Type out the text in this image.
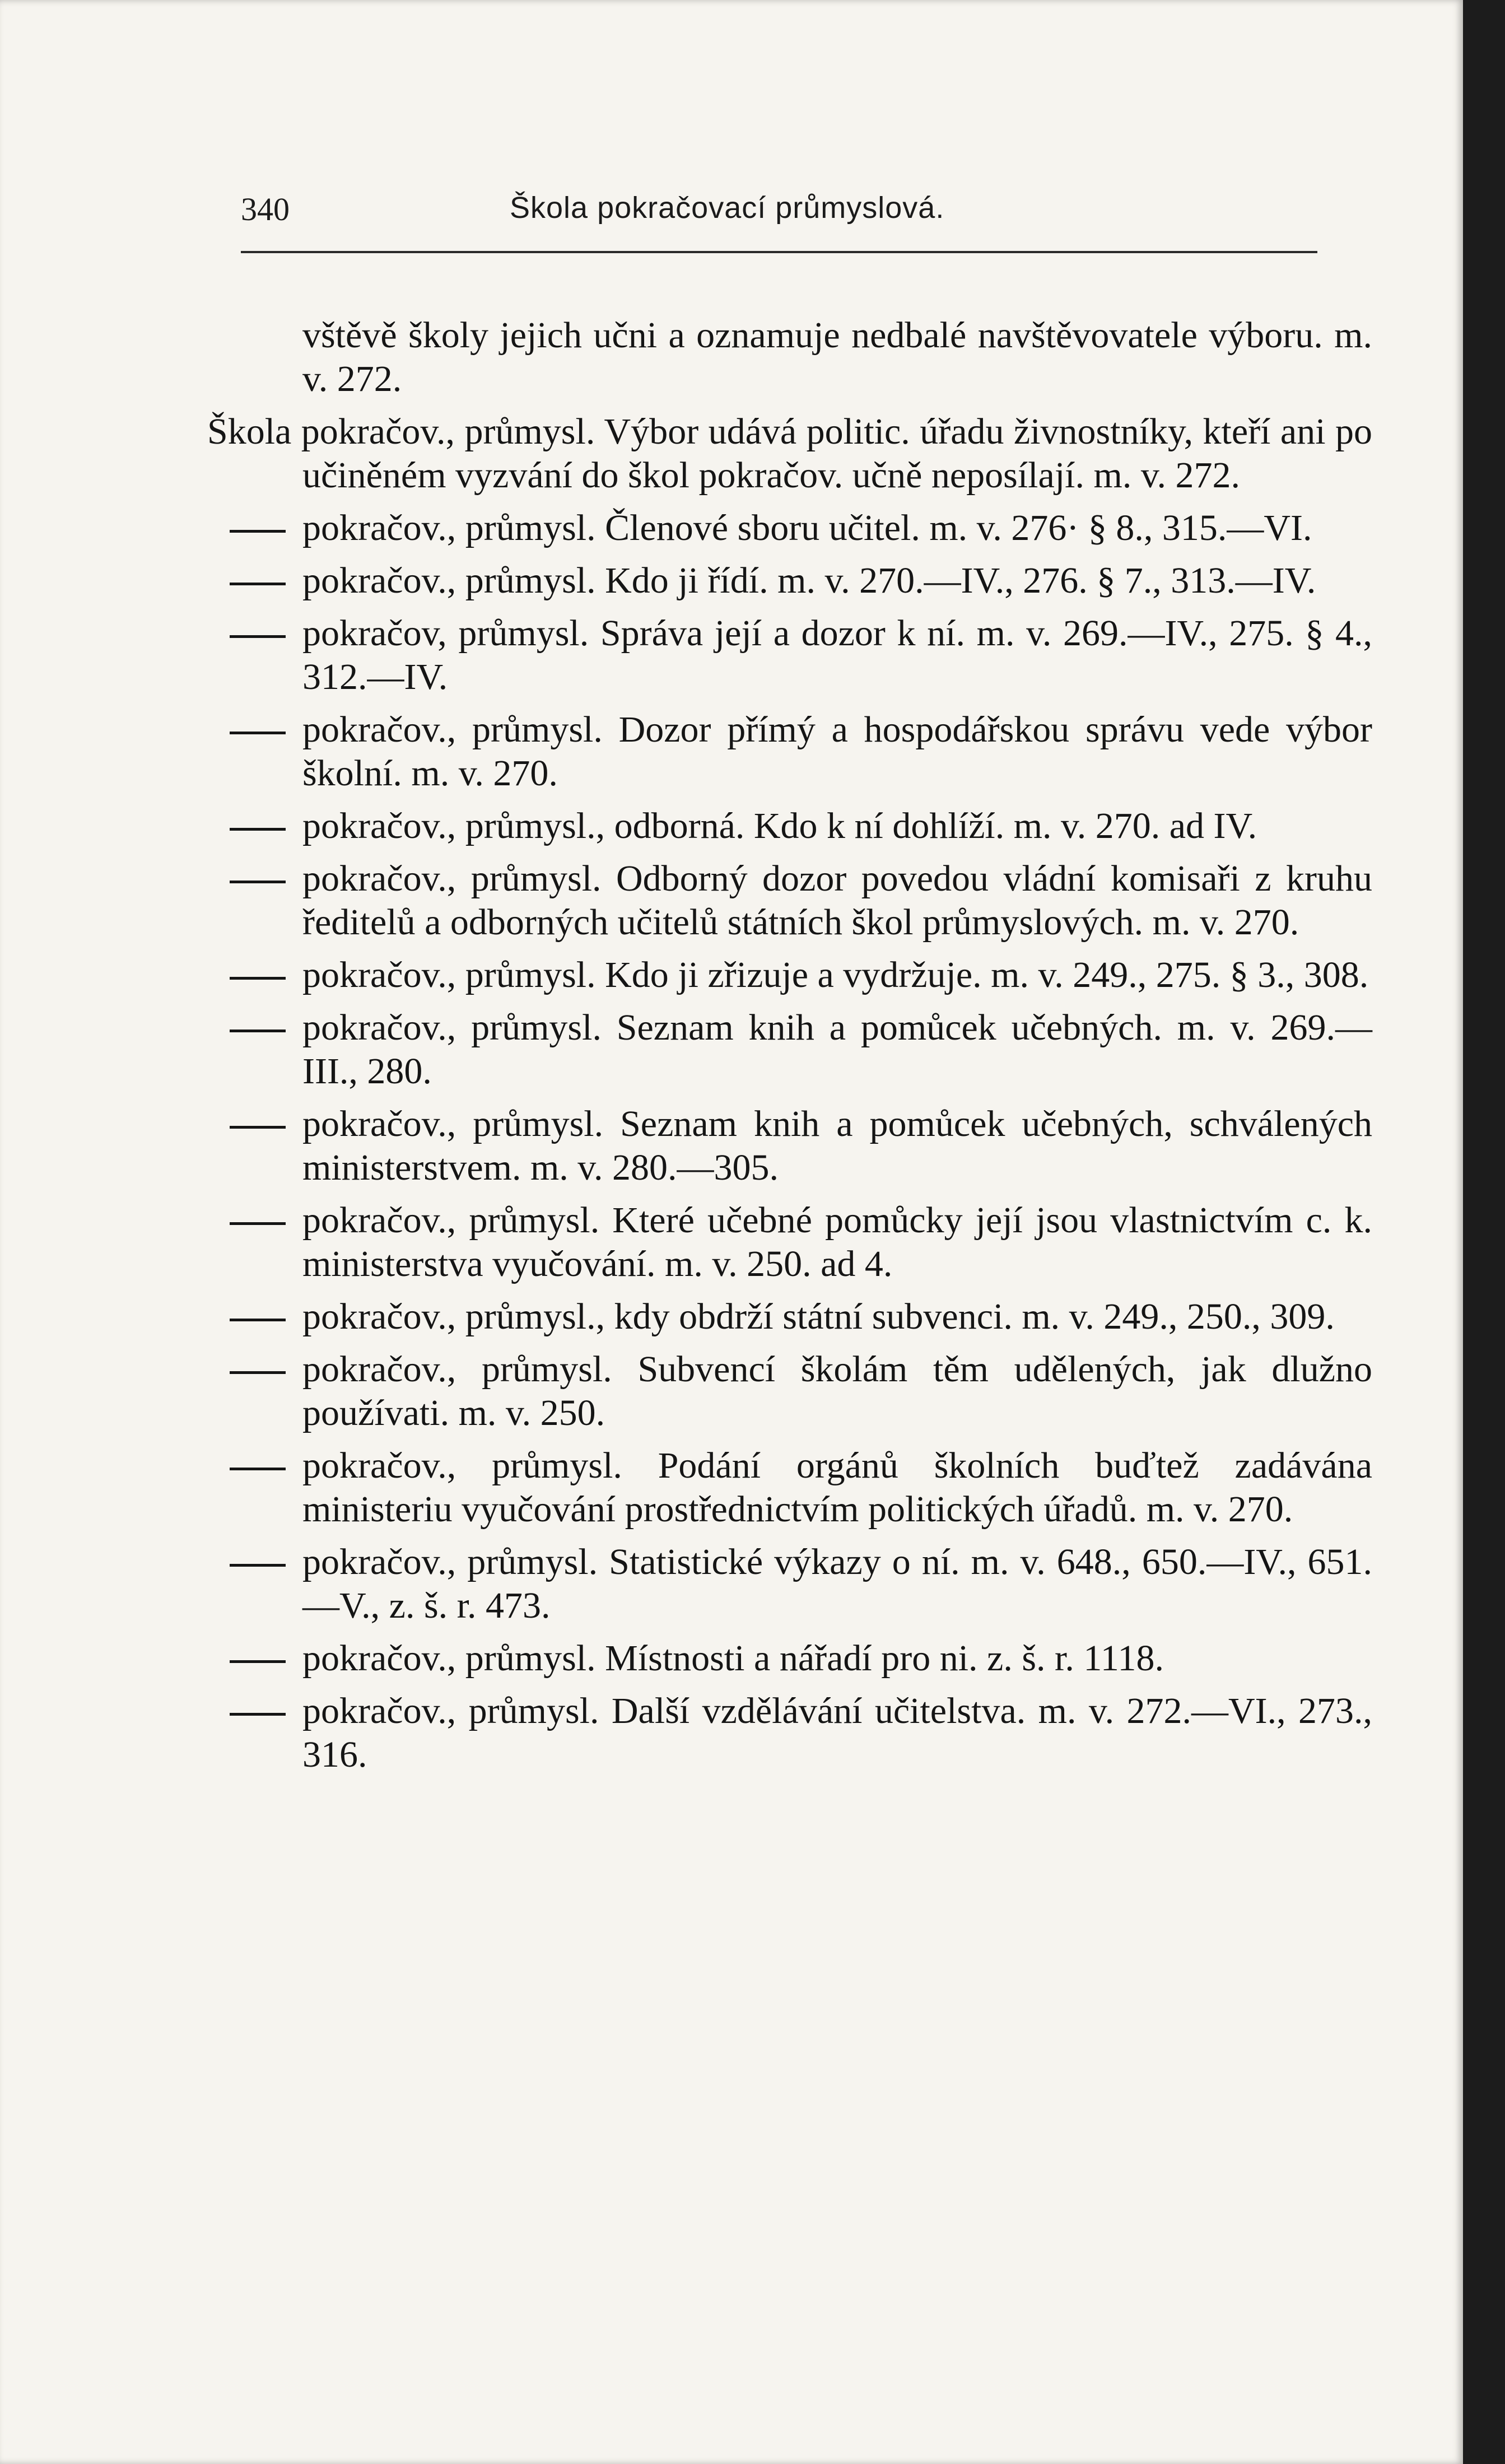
340	Škola pokračovací průmyslová.

vštěvě školy jejich učni a oznamuje nedbalé navštěvovatele výboru. m. v. 272.

Škola pokračov., průmysl. Výbor udává politic. úřadu živnostníky, kteří ani po učiněném vyzvání do škol pokračov. učně neposílají. m. v. 272.

pokračov., průmysl. Členové sboru učitel. m. v. 276· § 8., 315.—VI.

pokračov., průmysl. Kdo ji řídí. m. v. 270.—IV., 276. § 7., 313.—IV.

pokračov, průmysl. Správa její a dozor k ní. m. v. 269.—IV., 275. § 4., 312.—IV.

pokračov., průmysl. Dozor přímý a hospodářskou správu vede výbor školní. m. v. 270.

pokračov., průmysl., odborná. Kdo k ní dohlíží. m. v. 270. ad IV.

pokračov., průmysl. Odborný dozor povedou vládní komisaři z kruhu ředitelů a odborných učitelů státních škol průmyslových. m. v. 270.

pokračov., průmysl. Kdo ji zřizuje a vydržuje. m. v. 249., 275. § 3., 308.

pokračov., průmysl. Seznam knih a pomůcek učebných. m. v. 269.—III., 280.

pokračov., průmysl. Seznam knih a pomůcek učebných, schválených ministerstvem. m. v. 280.—305.

pokračov., průmysl. Které učebné pomůcky její jsou vlastnictvím c. k. ministerstva vyučování. m. v. 250. ad 4.

pokračov., průmysl., kdy obdrží státní subvenci. m. v. 249., 250., 309.

pokračov., průmysl. Subvencí školám těm udělených, jak dlužno používati. m. v. 250.

pokračov., průmysl. Podání orgánů školních buďtež zadávána ministeriu vyučování prostřednictvím politických úřadů. m. v. 270.

pokračov., průmysl. Statistické výkazy o ní. m. v. 648., 650.—IV., 651.—V., z. š. r. 473.

pokračov., průmysl. Místnosti a nářadí pro ni. z. š. r. 1118.

pokračov., průmysl. Další vzdělávání učitelstva. m. v. 272.—VI., 273., 316.
